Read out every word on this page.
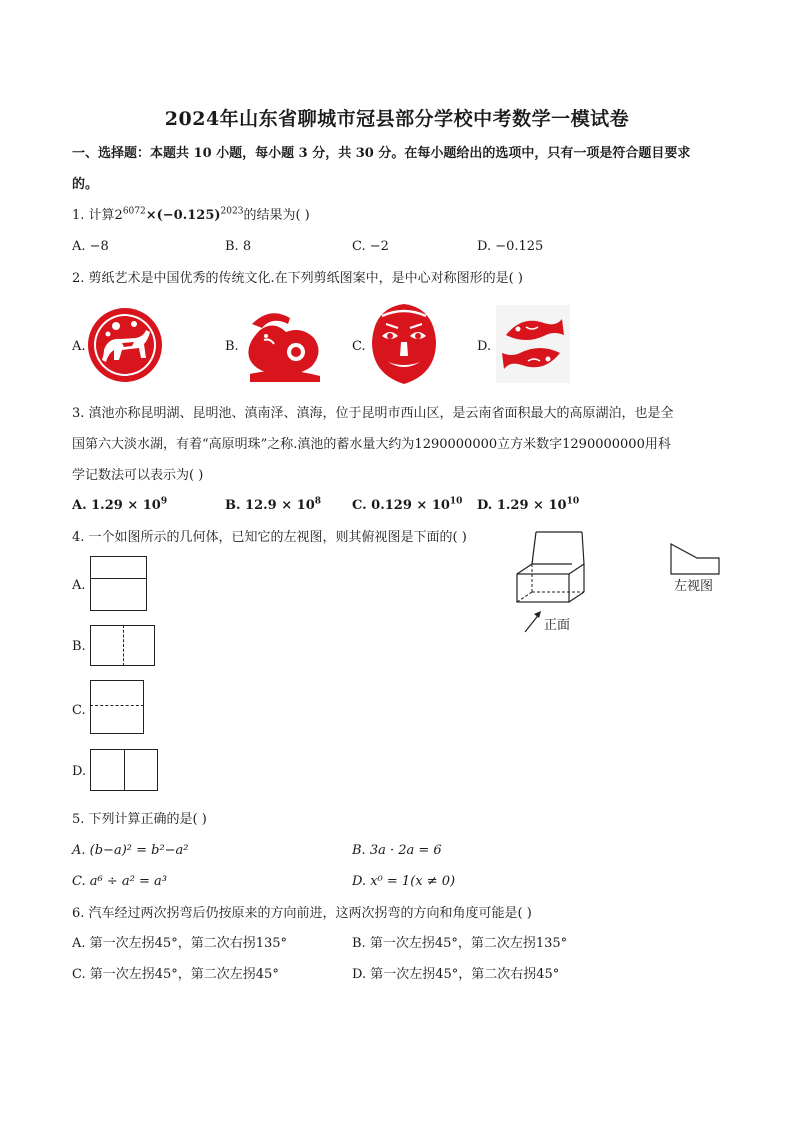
2024年山东省聊城市冠县部分学校中考数学一模试卷
一、选择题：本题共 10 小题，每小题 3 分，共 30 分。在每小题给出的选项中，只有一项是符合题目要求
的。
1. 计算$2^{6072}\times(-0.125)^{2023}$的结果为( )
A. −8	B. 8	C. −2	D. −0.125
2. 剪纸艺术是中国优秀的传统文化.在下列剪纸图案中，是中心对称图形的是( )
A.	B.	C.	D.
3. 滇池亦称昆明湖、昆明池、滇南泽、滇海，位于昆明市西山区，是云南省面积最大的高原湖泊，也是全
国第六大淡水湖，有着“高原明珠”之称.滇池的蓄水量大约为1290000000立方米数字1290000000用科
学记数法可以表示为( )
A. $1.29 \times 10^9$	B. $12.9 \times 10^8$ C. $0.129 \times 10^{10}$ D. $1.29 \times 10^{10}$
4. 一个如图所示的几何体，已知它的左视图，则其俯视图是下面的( )
A.
B.
C.
D.
正面
左视图
5. 下列计算正确的是( )
A. (b−a)² = b²−a²	B. 3a · 2a = 6
C. a⁶ ÷ a² = a³	D. x⁰ = 1(x ≠ 0)
6. 汽车经过两次拐弯后仍按原来的方向前进，这两次拐弯的方向和角度可能是( )
A. 第一次左拐45°，第二次右拐135°	B. 第一次左拐45°，第二次左拐135°
C. 第一次左拐45°，第二次左拐45°	D. 第一次左拐45°，第二次右拐45°
